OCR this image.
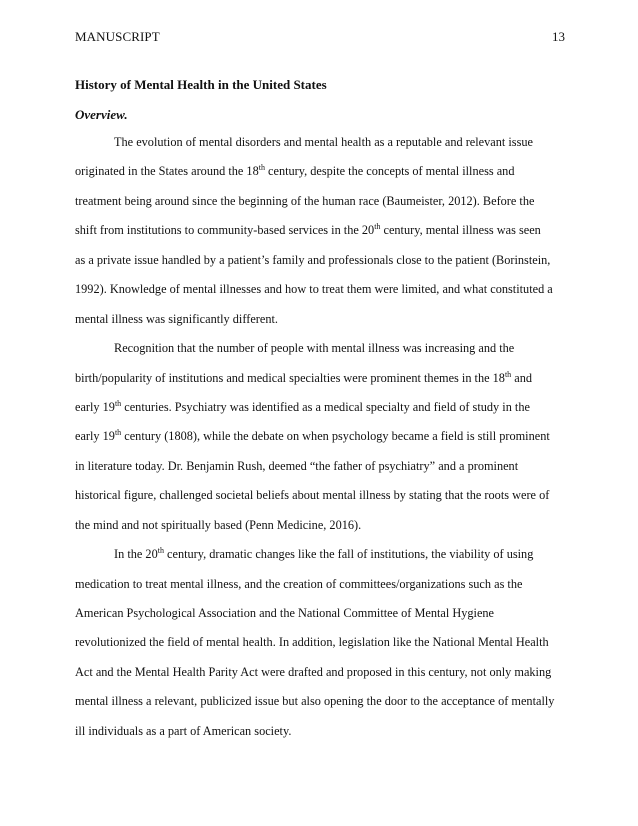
MANUSCRIPT	13
History of Mental Health in the United States
Overview.
The evolution of mental disorders and mental health as a reputable and relevant issue
originated in the States around the 18th century, despite the concepts of mental illness and
treatment being around since the beginning of the human race (Baumeister, 2012). Before the
shift from institutions to community-based services in the 20th century, mental illness was seen
as a private issue handled by a patient’s family and professionals close to the patient (Borinstein,
1992). Knowledge of mental illnesses and how to treat them were limited, and what constituted a
mental illness was significantly different.
Recognition that the number of people with mental illness was increasing and the
birth/popularity of institutions and medical specialties were prominent themes in the 18th and
early 19th centuries. Psychiatry was identified as a medical specialty and field of study in the
early 19th century (1808), while the debate on when psychology became a field is still prominent
in literature today. Dr. Benjamin Rush, deemed “the father of psychiatry” and a prominent
historical figure, challenged societal beliefs about mental illness by stating that the roots were of
the mind and not spiritually based (Penn Medicine, 2016).
In the 20th century, dramatic changes like the fall of institutions, the viability of using
medication to treat mental illness, and the creation of committees/organizations such as the
American Psychological Association and the National Committee of Mental Hygiene
revolutionized the field of mental health. In addition, legislation like the National Mental Health
Act and the Mental Health Parity Act were drafted and proposed in this century, not only making
mental illness a relevant, publicized issue but also opening the door to the acceptance of mentally
ill individuals as a part of American society.
